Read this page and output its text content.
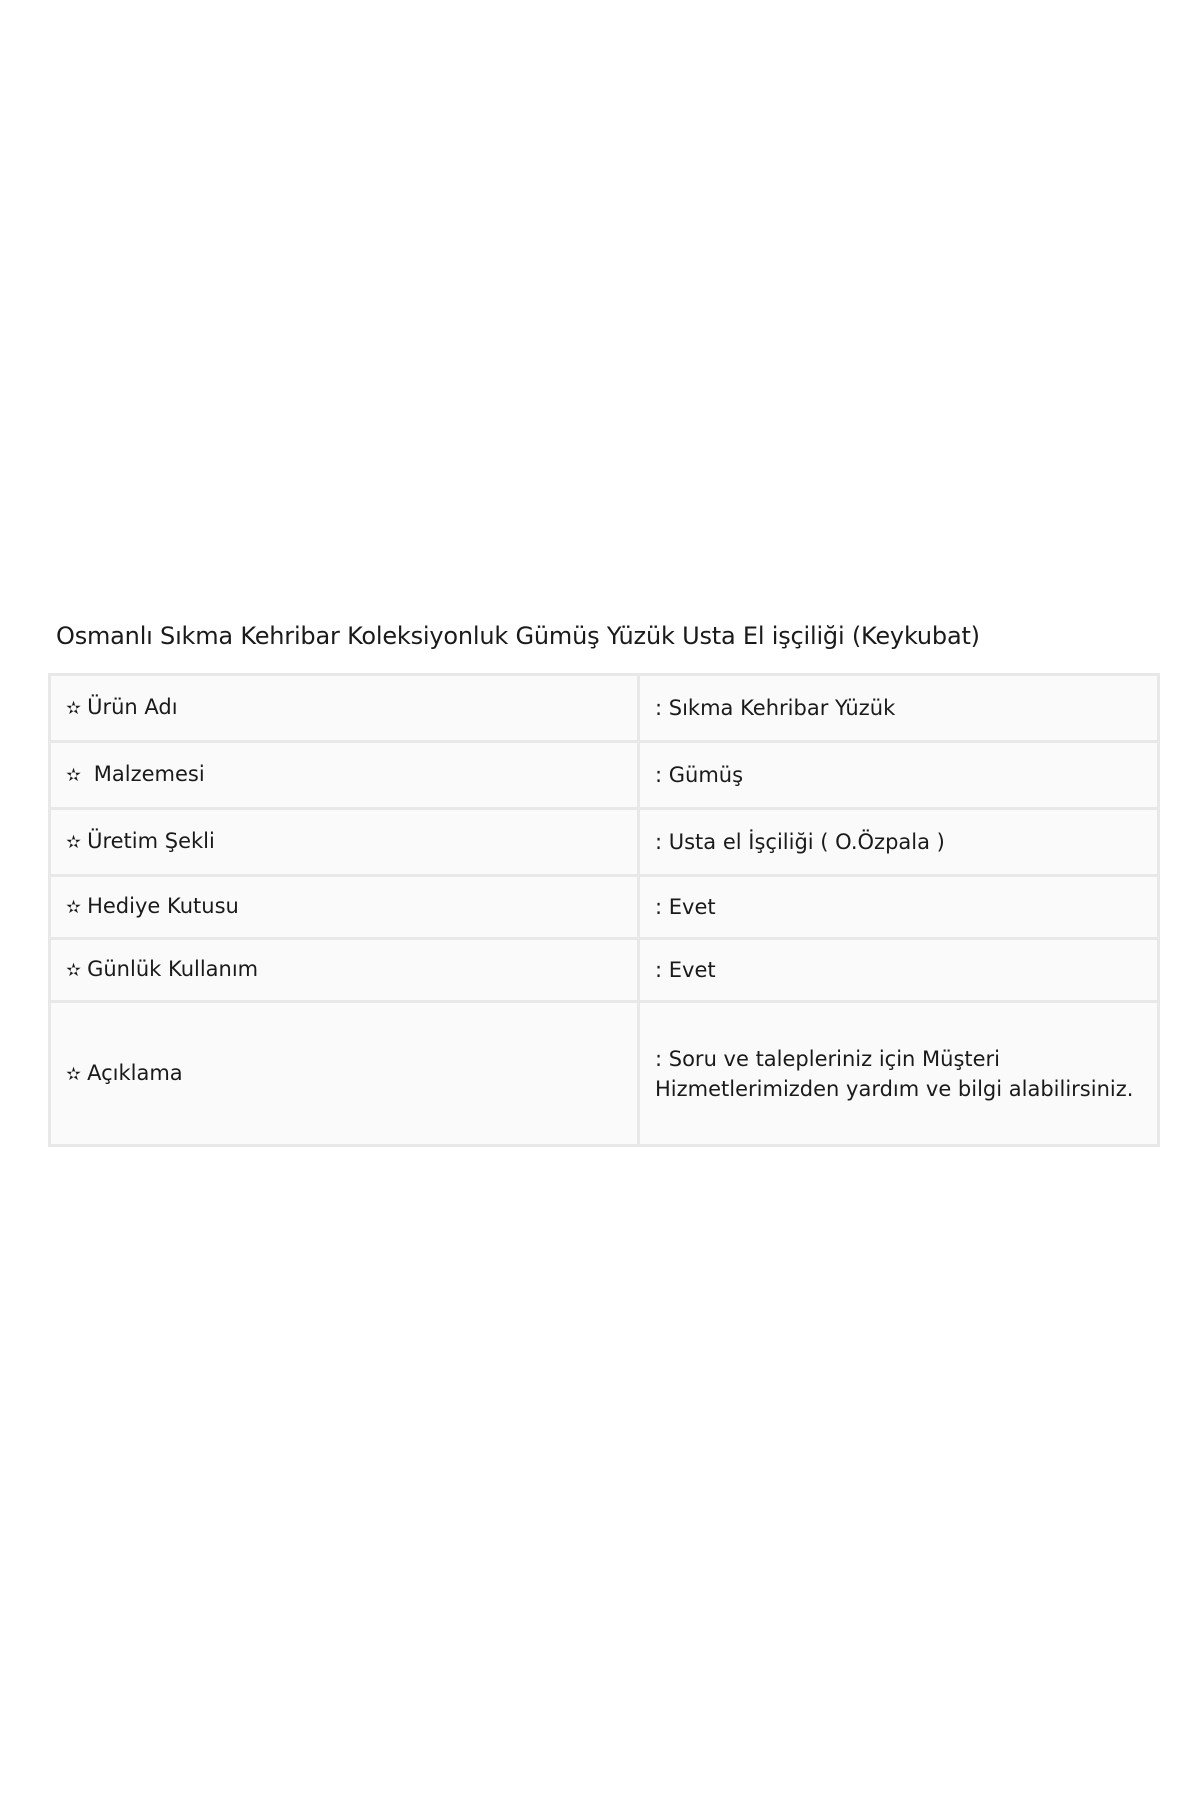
Osmanlı Sıkma Kehribar Koleksiyonluk Gümüş Yüzük Usta El işçiliği (Keykubat)
✫ Ürün Adı	: Sıkma Kehribar Yüzük
✫ Malzemesi	: Gümüş
✫ Üretim Şekli	: Usta el İşçiliği ( O.Özpala )
✫ Hediye Kutusu	: Evet
✫ Günlük Kullanım	: Evet
✫ Açıklama	: Soru ve talepleriniz için Müşteri Hizmetlerimizden yardım ve bilgi alabilirsiniz.
